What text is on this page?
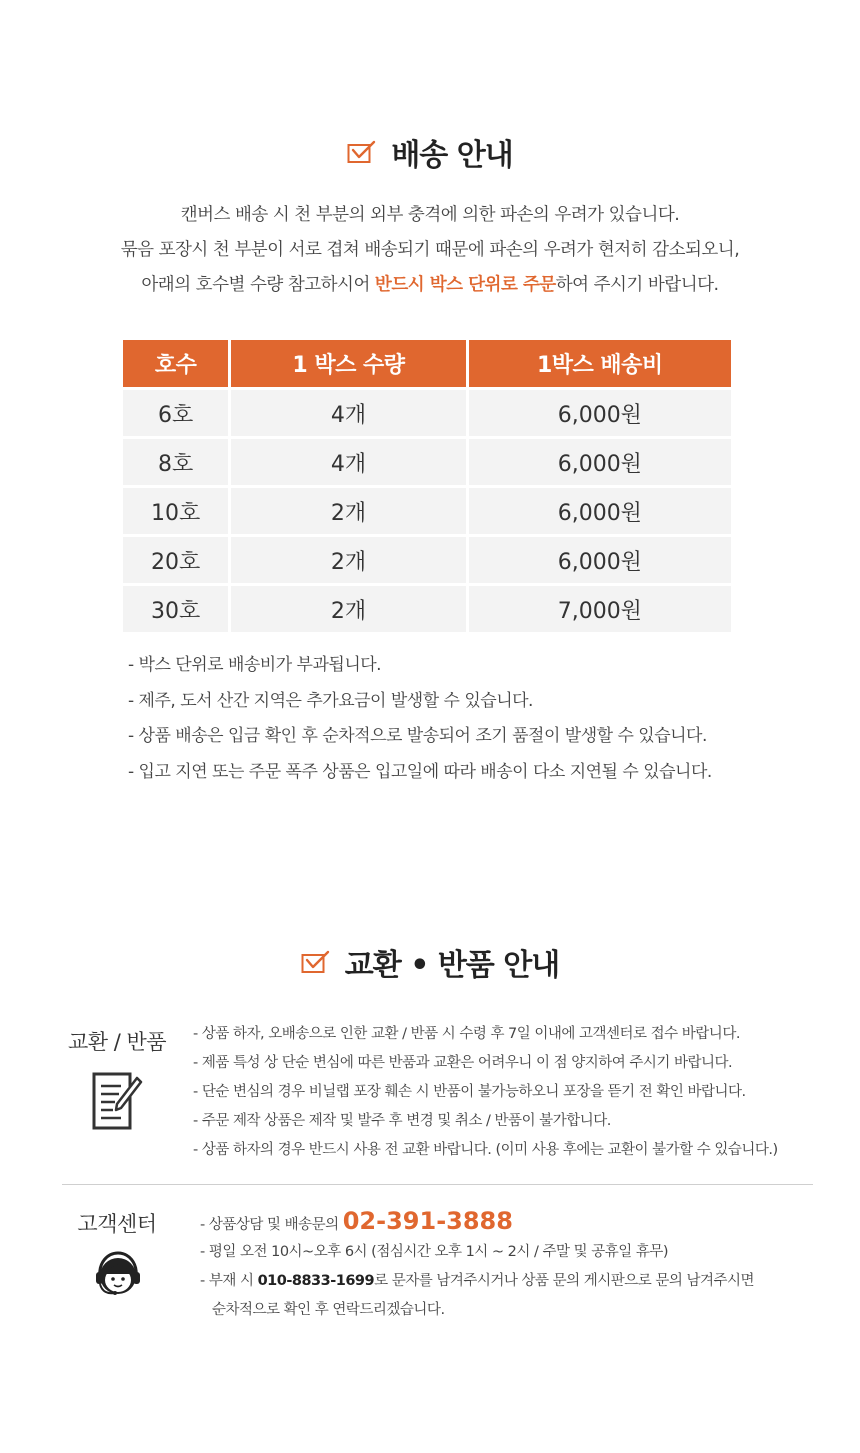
배송 안내

캔버스 배송 시 천 부분의 외부 충격에 의한 파손의 우려가 있습니다.

묶음 포장시 천 부분이 서로 겹쳐 배송되기 때문에 파손의 우려가 현저히 감소되오니,

아래의 호수별 수량 참고하시어 반드시 박스 단위로 주문하여 주시기 바랍니다.

호수	1 박스 수량	1박스 배송비
6호	4개	6,000원
8호	4개	6,000원
10호	2개	6,000원
20호	2개	6,000원
30호	2개	7,000원
- 박스 단위로 배송비가 부과됩니다.
- 제주, 도서 산간 지역은 추가요금이 발생할 수 있습니다.
- 상품 배송은 입금 확인 후 순차적으로 발송되어 조기 품절이 발생할 수 있습니다.
- 입고 지연 또는 주문 폭주 상품은 입고일에 따라 배송이 다소 지연될 수 있습니다.
교환 • 반품 안내
교환 / 반품	- 상품 하자, 오배송으로 인한 교환 / 반품 시 수령 후 7일 이내에 고객센터로 접수 바랍니다.
- 제품 특성 상 단순 변심에 따른 반품과 교환은 어려우니 이 점 양지하여 주시기 바랍니다.
- 단순 변심의 경우 비닐랩 포장 훼손 시 반품이 불가능하오니 포장을 뜯기 전 확인 바랍니다.
- 주문 제작 상품은 제작 및 발주 후 변경 및 취소 / 반품이 불가합니다.
- 상품 하자의 경우 반드시 사용 전 교환 바랍니다. (이미 사용 후에는 교환이 불가할 수 있습니다.)
고객센터	- 상품상담 및 배송문의 02-391-3888
- 평일 오전 10시~오후 6시 (점심시간 오후 1시 ~ 2시 / 주말 및 공휴일 휴무)
- 부재 시 010-8833-1699로 문자를 남겨주시거나 상품 문의 게시판으로 문의 남겨주시면
순차적으로 확인 후 연락드리겠습니다.
